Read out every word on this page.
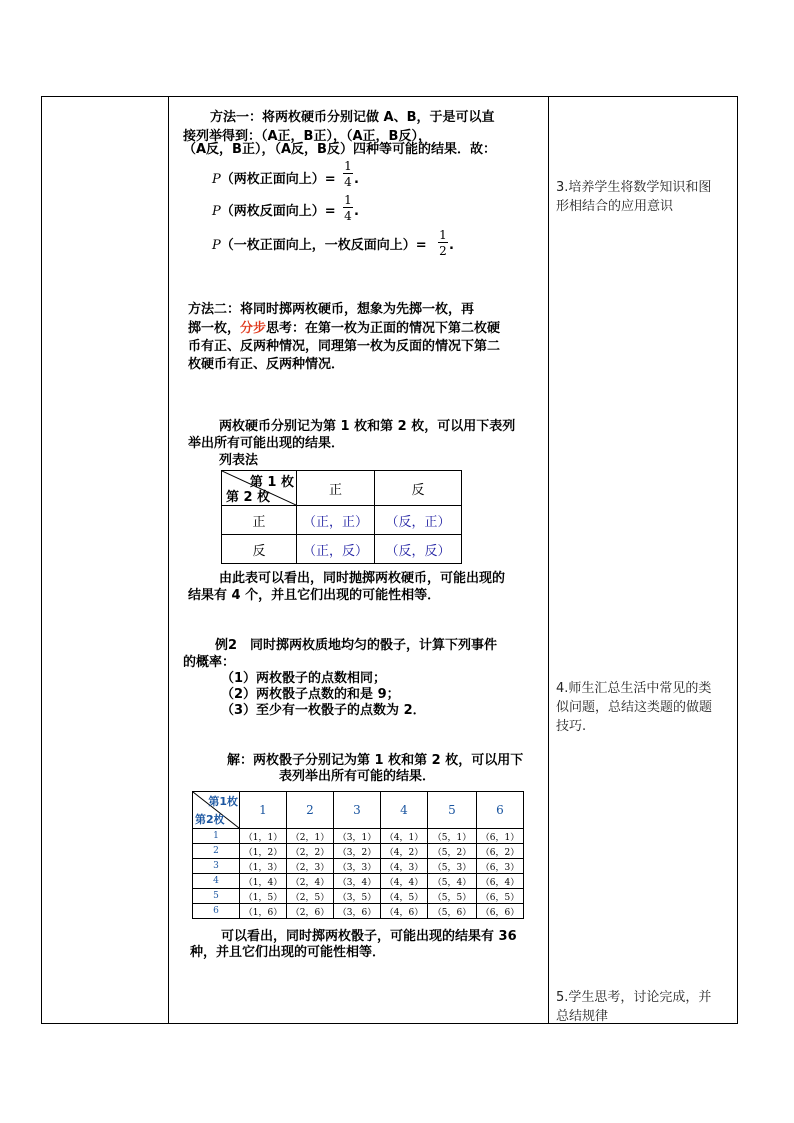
方法一：将两枚硬币分别记做 A、B，于是可以直
接列举得到：（A正，B正），（A正，B反），
（A反，B正），（A反，B反）四种等可能的结果．故：
P（两枚正面向上）=
1
4 .
P（两枚反面向上）=
1
4 .
P（一枚正面向上，一枚反面向上）=
1
2 .
方法二：将同时掷两枚硬币，想象为先掷一枚，再
掷一枚，分步思考：在第一枚为正面的情况下第二枚硬
币有正、反两种情况，同理第一枚为反面的情况下第二
枚硬币有正、反两种情况．
两枚硬币分别记为第 1 枚和第 2 枚，可以用下表列
举出所有可能出现的结果．
列表法
第 1 枚
第 2 枚	正	反
正	（正，正）	（反，正）
反	（正，反）	（反，反）
由此表可以看出，同时抛掷两枚硬币，可能出现的
结果有 4 个，并且它们出现的可能性相等．
例2　同时掷两枚质地均匀的骰子，计算下列事件
的概率：
（1）两枚骰子的点数相同；
（2）两枚骰子点数的和是 9；
（3）至少有一枚骰子的点数为 2．
解：两枚骰子分别记为第 1 枚和第 2 枚，可以用下
表列举出所有可能的结果．
第1枚
第2枚	1	2	3	4	5	6
1	（1，1）	（2，1）	（3，1）	（4，1）	（5，1）	（6，1）
2	（1，2）	（2，2）	（3，2）	（4，2）	（5，2）	（6，2）
3	（1，3）	（2，3）	（3，3）	（4，3）	（5，3）	（6，3）
4	（1，4）	（2，4）	（3，4）	（4，4）	（5，4）	（6，4）
5	（1，5）	（2，5）	（3，5）	（4，5）	（5，5）	（6，5）
6	（1，6）	（2，6）	（3，6）	（4，6）	（5，6）	（6，6）
可以看出，同时掷两枚骰子，可能出现的结果有 36
种，并且它们出现的可能性相等．
3.培养学生将数学知识和图
形相结合的应用意识
4.师生汇总生活中常见的类
似问题，总结这类题的做题
技巧.
5.学生思考，讨论完成，并
总结规律
